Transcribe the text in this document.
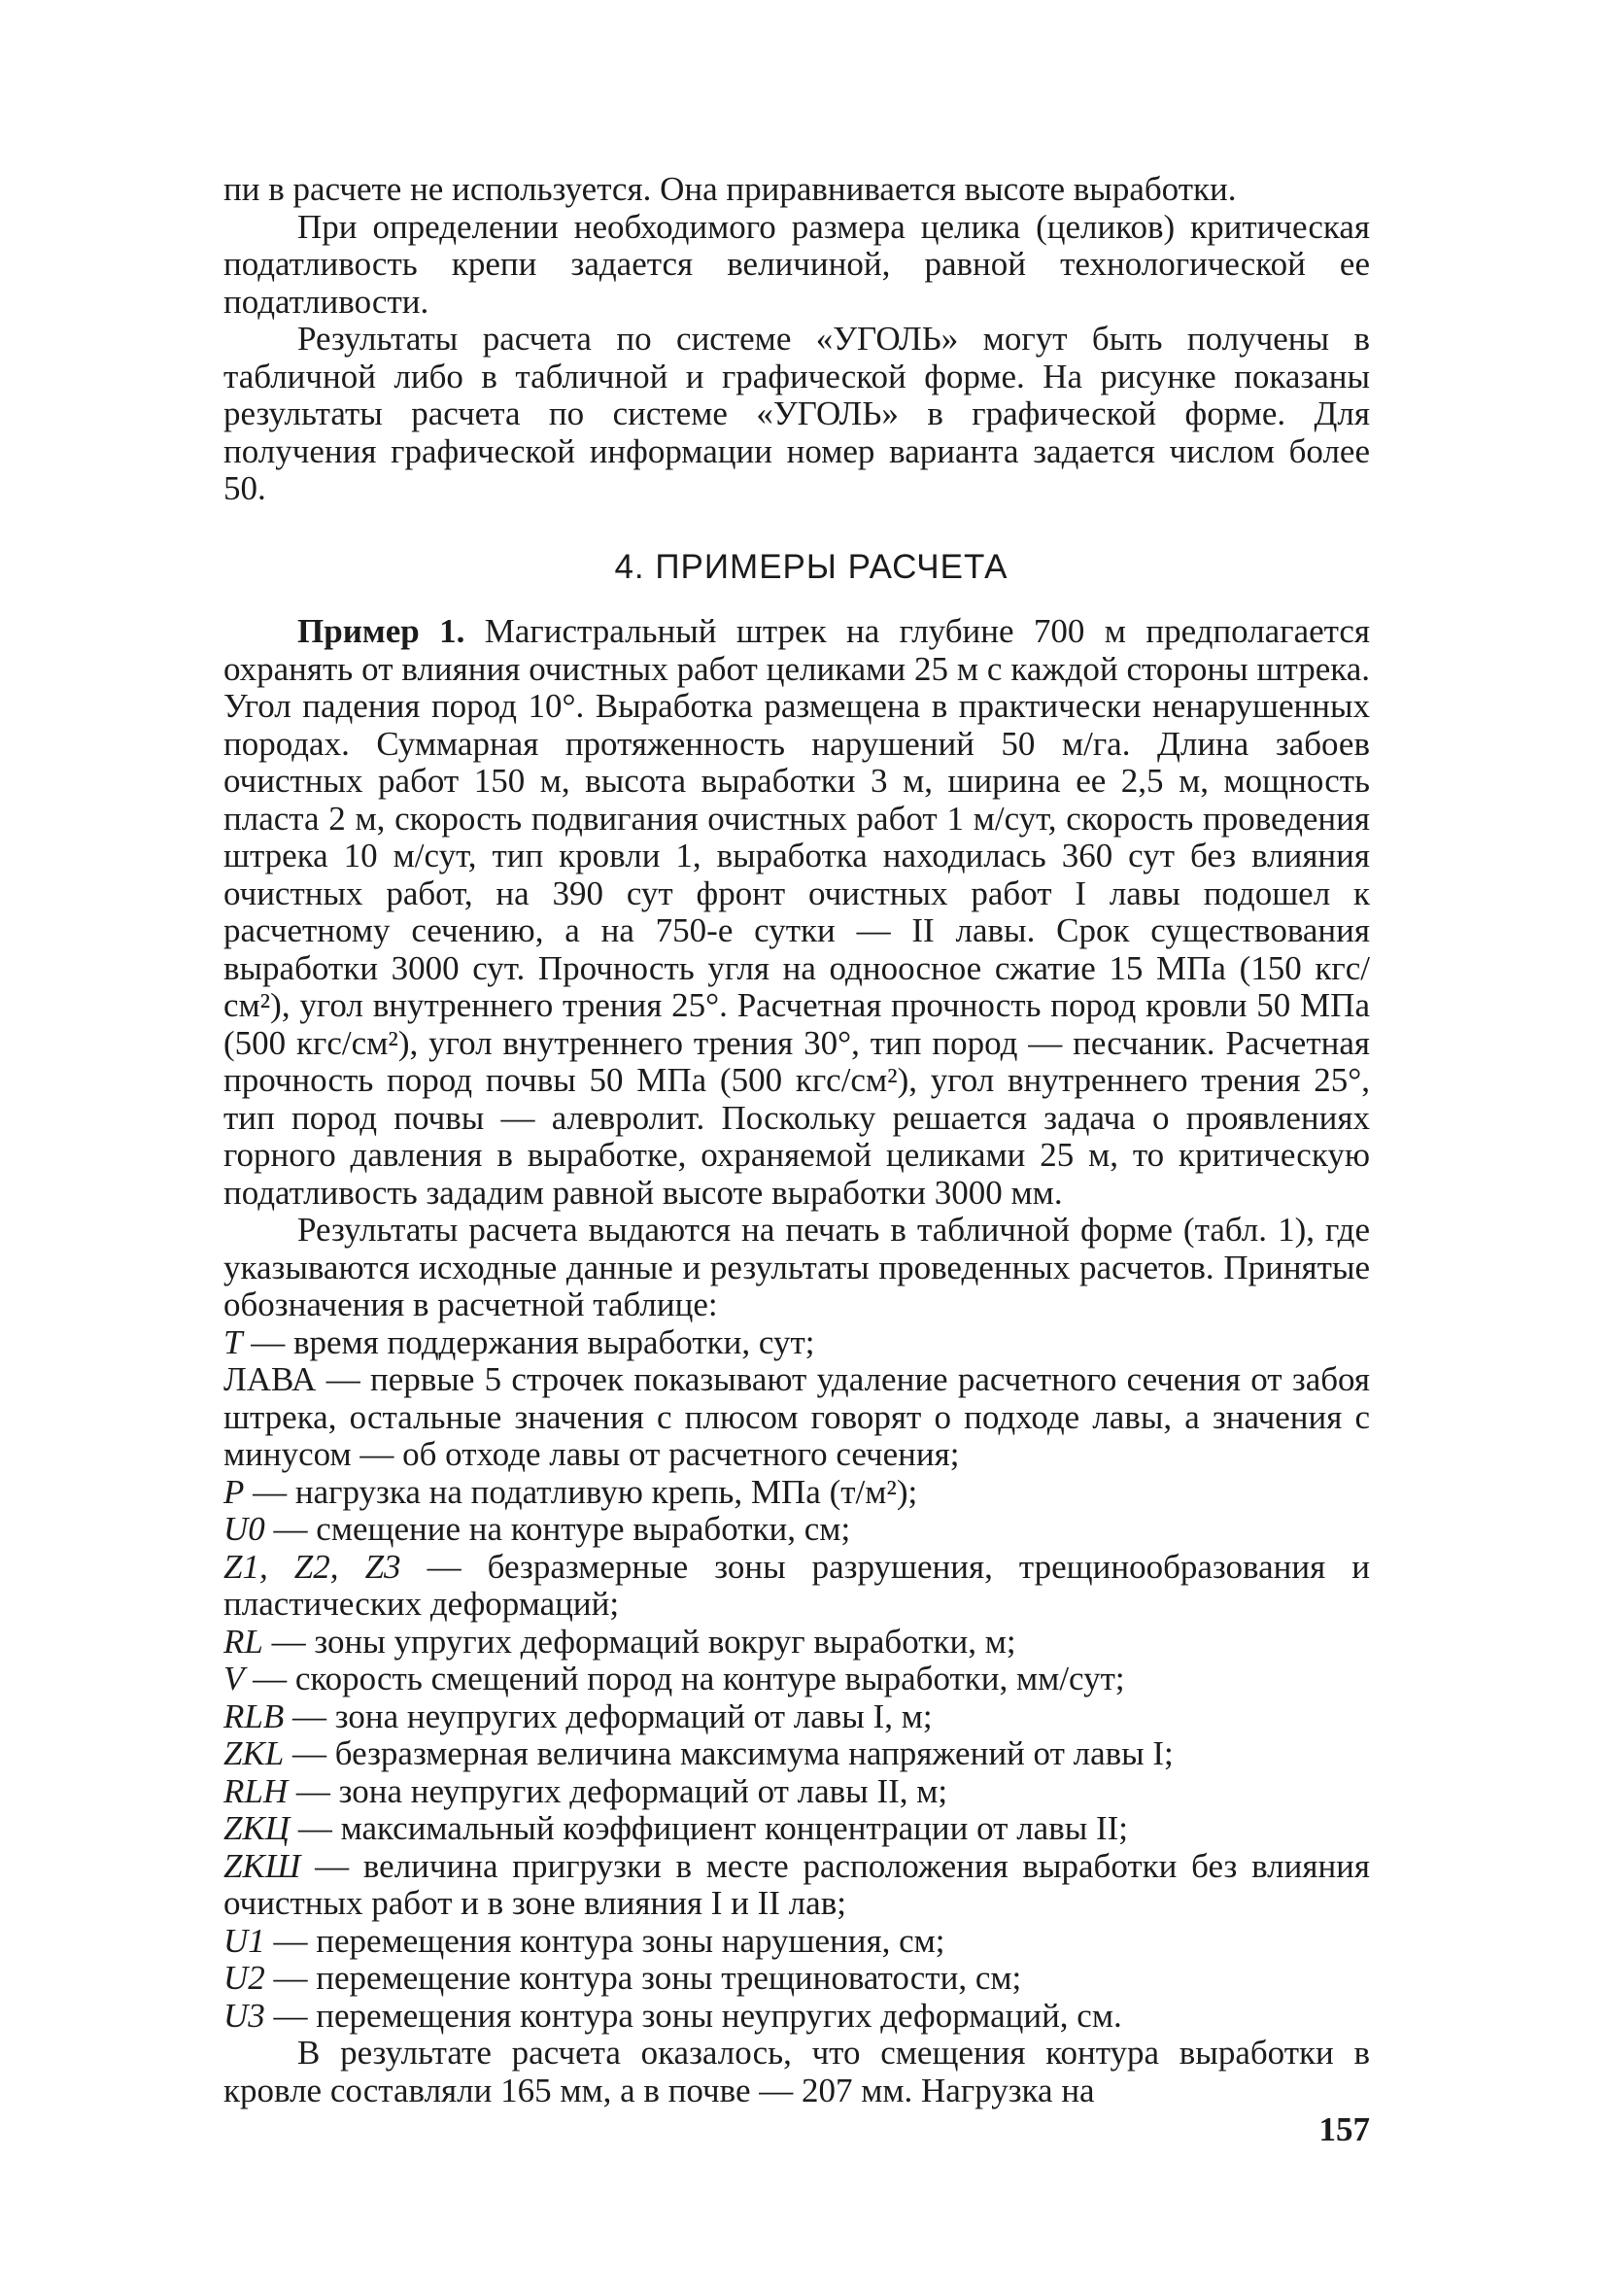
пи в расчете не используется. Она приравнивается высоте выработки.

При определении необходимого размера целика (целиков) критическая податливость крепи задается величиной, равной технологической ее податливости.

Результаты расчета по системе «УГОЛЬ» могут быть получены в табличной либо в табличной и графической форме. На рисунке показаны результаты расчета по системе «УГОЛЬ» в графической форме. Для получения графической информации номер варианта задается числом более 50.

4. ПРИМЕРЫ РАСЧЕТА

Пример 1. Магистральный штрек на глубине 700 м предполагается охранять от влияния очистных работ целиками 25 м с каждой стороны штрека. Угол падения пород 10°. Выработка размещена в практически ненарушенных породах. Суммарная протяженность нарушений 50 м/га. Длина забоев очистных работ 150 м, высота выработки 3 м, ширина ее 2,5 м, мощность пласта 2 м, скорость подвигания очистных работ 1 м/сут, скорость проведения штрека 10 м/сут, тип кровли 1, выработка находилась 360 сут без влияния очистных работ, на 390 сут фронт очистных работ I лавы подошел к расчетному сечению, а на 750-е сутки — II лавы. Срок существования выработки 3000 сут. Прочность угля на одноосное сжатие 15 МПа (150 кгс/см²), угол внутреннего трения 25°. Расчетная прочность пород кровли 50 МПа (500 кгс/см²), угол внутреннего трения 30°, тип пород — песчаник. Расчетная прочность пород почвы 50 МПа (500 кгс/см²), угол внутреннего трения 25°, тип пород почвы — алевролит. Поскольку решается задача о проявлениях горного давления в выработке, охраняемой целиками 25 м, то критическую податливость зададим равной высоте выработки 3000 мм.

Результаты расчета выдаются на печать в табличной форме (табл. 1), где указываются исходные данные и результаты проведенных расчетов. Принятые обозначения в расчетной таблице:

T — время поддержания выработки, сут;

ЛАВА — первые 5 строчек показывают удаление расчетного сечения от забоя штрека, остальные значения с плюсом говорят о подходе лавы, а значения с минусом — об отходе лавы от расчетного сечения;

P — нагрузка на податливую крепь, МПа (т/м²);

U0 — смещение на контуре выработки, см;

Z1, Z2, Z3 — безразмерные зоны разрушения, трещинообразования и пластических деформаций;

RL — зоны упругих деформаций вокруг выработки, м;

V — скорость смещений пород на контуре выработки, мм/сут;

RLB — зона неупругих деформаций от лавы I, м;

ZKL — безразмерная величина максимума напряжений от лавы I;

RLH — зона неупругих деформаций от лавы II, м;

ZKЦ — максимальный коэффициент концентрации от лавы II;

ZKШ — величина пригрузки в месте расположения выработки без влияния очистных работ и в зоне влияния I и II лав;

U1 — перемещения контура зоны нарушения, см;

U2 — перемещение контура зоны трещиноватости, см;

U3 — перемещения контура зоны неупругих деформаций, см.

В результате расчета оказалось, что смещения контура выработки в кровле составляли 165 мм, а в почве — 207 мм. Нагрузка на

157
